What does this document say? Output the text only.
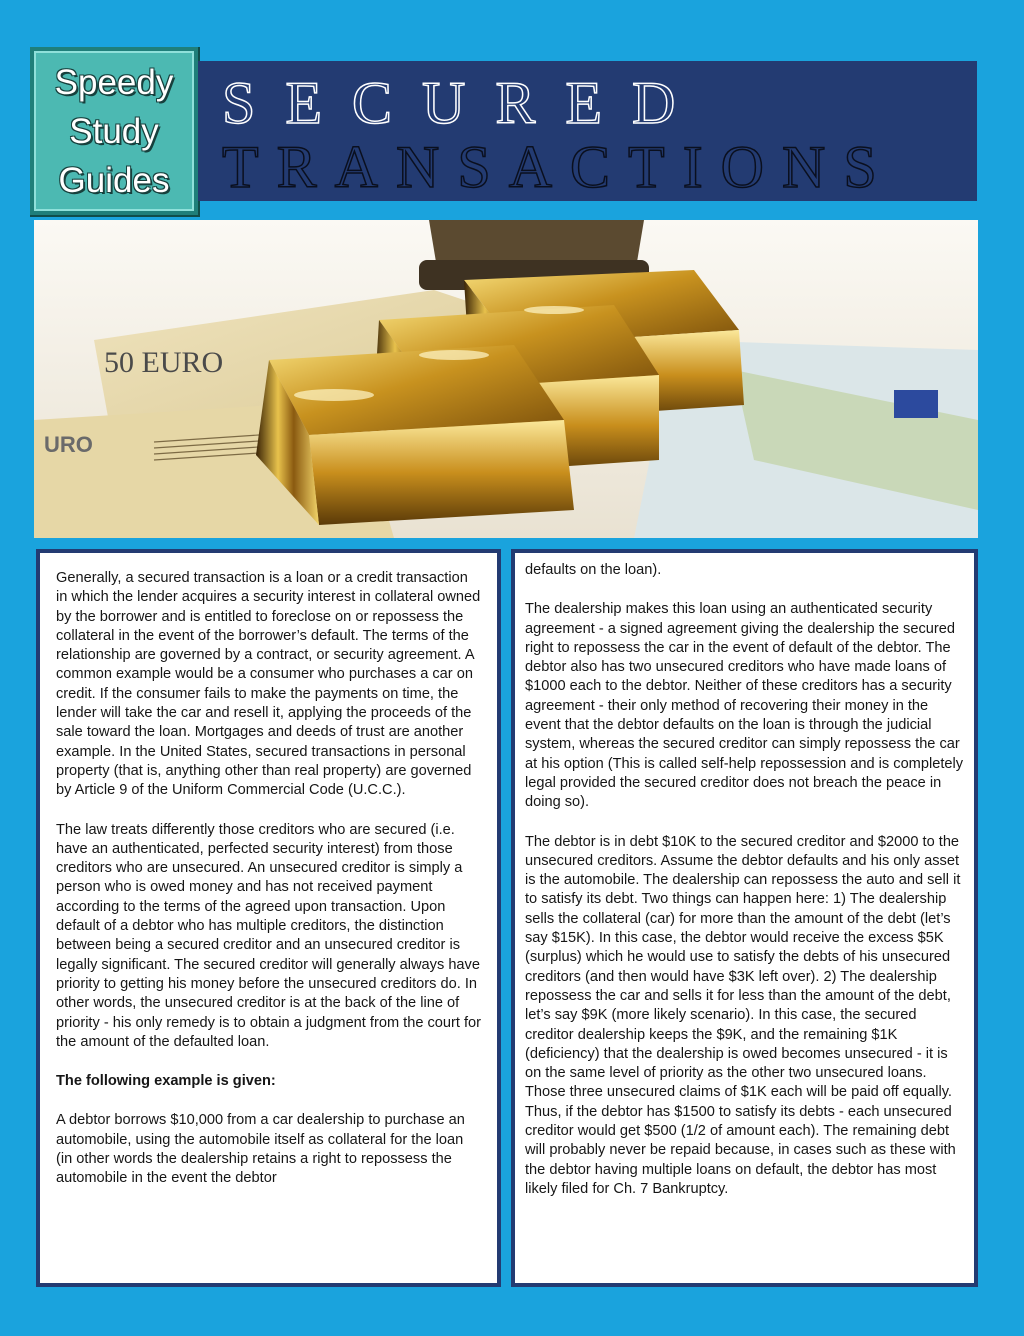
Speedy
Study
Guides
SECURED
TRANSACTIONS
50 EURO
URO

Generally, a secured transaction is a loan or a credit transaction in which the lender acquires a security interest in collateral owned by the borrower and is entitled to foreclose on or repossess the collateral in the event of the borrower’s default. The terms of the relationship are governed by a contract, or security agreement. A common example would be a consumer who purchases a car on credit. If the consumer fails to make the payments on time, the lender will take the car and resell it, applying the proceeds of the sale toward the loan. Mortgages and deeds of trust are another example. In the United States, secured transactions in personal property (that is, anything other than real property) are governed by Article 9 of the Uniform Commercial Code (U.C.C.).

The law treats differently those creditors who are secured (i.e. have an authenticated, perfected security interest) from those creditors who are unsecured. An unsecured creditor is simply a person who is owed money and has not received payment according to the terms of the agreed upon transaction. Upon default of a debtor who has multiple creditors, the distinction between being a secured creditor and an unsecured creditor is legally significant. The secured creditor will generally always have priority to getting his money before the unsecured creditors do. In other words, the unsecured creditor is at the back of the line of priority - his only remedy is to obtain a judgment from the court for the amount of the defaulted loan.

The following example is given:

A debtor borrows $10,000 from a car dealership to purchase an automobile, using the automobile itself as collateral for the loan (in other words the dealership retains a right to repossess the automobile in the event the debtor

defaults on the loan).

The dealership makes this loan using an authenticated security agreement - a signed agreement giving the dealership the secured right to repossess the car in the event of default of the debtor. The debtor also has two unsecured creditors who have made loans of $1000 each to the debtor. Neither of these creditors has a security agreement - their only method of recovering their money in the event that the debtor defaults on the loan is through the judicial system, whereas the secured creditor can simply repossess the car at his option (This is called self-help repossession and is completely legal provided the secured creditor does not breach the peace in doing so).

The debtor is in debt $10K to the secured creditor and $2000 to the unsecured creditors. Assume the debtor defaults and his only asset is the automobile. The dealership can repossess the auto and sell it to satisfy its debt. Two things can happen here: 1) The dealership sells the collateral (car) for more than the amount of the debt (let’s say $15K). In this case, the debtor would receive the excess $5K (surplus) which he would use to satisfy the debts of his unsecured creditors (and then would have $3K left over). 2) The dealership repossess the car and sells it for less than the amount of the debt, let’s say $9K (more likely scenario). In this case, the secured creditor dealership keeps the $9K, and the remaining $1K (deficiency) that the dealership is owed becomes unsecured - it is on the same level of priority as the other two unsecured loans. Those three unsecured claims of $1K each will be paid off equally. Thus, if the debtor has $1500 to satisfy its debts - each unsecured creditor would get $500 (1/2 of amount each). The remaining debt will probably never be repaid because, in cases such as these with the debtor having multiple loans on default, the debtor has most likely filed for Ch. 7 Bankruptcy.
